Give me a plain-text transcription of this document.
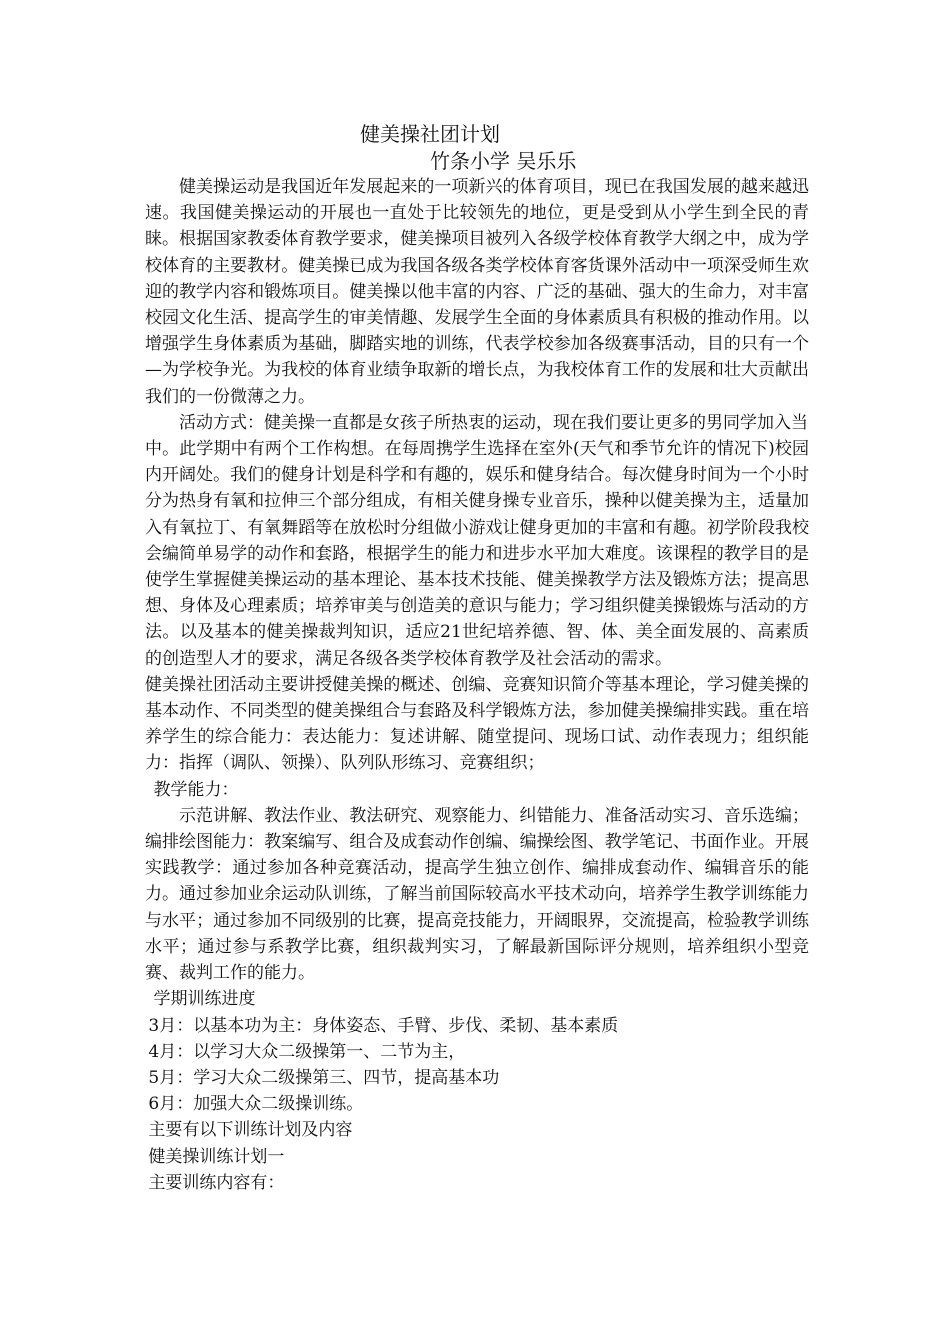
健美操社团计划
竹条小学 吴乐乐

健美操运动是我国近年发展起来的一项新兴的体育项目，现已在我国发展的越来越迅速。我国健美操运动的开展也一直处于比较领先的地位，更是受到从小学生到全民的青睐。根据国家教委体育教学要求，健美操项目被列入各级学校体育教学大纲之中，成为学校体育的主要教材。健美操已成为我国各级各类学校体育客货课外活动中一项深受师生欢迎的教学内容和锻炼项目。健美操以他丰富的内容、广泛的基础、强大的生命力，对丰富校园文化生活、提高学生的审美情趣、发展学生全面的身体素质具有积极的推动作用。以增强学生身体素质为基础，脚踏实地的训练，代表学校参加各级赛事活动，目的只有一个—为学校争光。为我校的体育业绩争取新的增长点，为我校体育工作的发展和壮大贡献出我们的一份微薄之力。

活动方式：健美操一直都是女孩子所热衷的运动，现在我们要让更多的男同学加入当

中。此学期中有两个工作构想。在每周携学生选择在室外(天气和季节允许的情况下)校园内开阔处。我们的健身计划是科学和有趣的，娱乐和健身结合。每次健身时间为一个小时分为热身有氧和拉伸三个部分组成，有相关健身操专业音乐，操种以健美操为主，适量加入有氧拉丁、有氧舞蹈等在放松时分组做小游戏让健身更加的丰富和有趣。初学阶段我校会编简单易学的动作和套路，根据学生的能力和进步水平加大难度。该课程的教学目的是使学生掌握健美操运动的基本理论、基本技术技能、健美操教学方法及锻炼方法；提高思想、身体及心理素质；培养审美与创造美的意识与能力；学习组织健美操锻炼与活动的方法。以及基本的健美操裁判知识，适应21世纪培养德、智、体、美全面发展的、高素质的创造型人才的要求，满足各级各类学校体育教学及社会活动的需求。

健美操社团活动主要讲授健美操的概述、创编、竞赛知识简介等基本理论，学习健美操的基本动作、不同类型的健美操组合与套路及科学锻炼方法，参加健美操编排实践。重在培养学生的综合能力：表达能力：复述讲解、随堂提问、现场口试、动作表现力；组织能力：指挥（调队、领操）、队列队形练习、竞赛组织；

教学能力：

示范讲解、教法作业、教法研究、观察能力、纠错能力、准备活动实习、音乐选编；编排绘图能力：教案编写、组合及成套动作创编、编操绘图、教学笔记、书面作业。开展实践教学：通过参加各种竞赛活动，提高学生独立创作、编排成套动作、编辑音乐的能力。通过参加业余运动队训练，了解当前国际较高水平技术动向，培养学生教学训练能力与水平；通过参加不同级别的比赛，提高竞技能力，开阔眼界，交流提高，检验教学训练水平；通过参与系教学比赛，组织裁判实习，了解最新国际评分规则，培养组织小型竞赛、裁判工作的能力。

学期训练进度

3月：以基本功为主：身体姿态、手臂、步伐、柔韧、基本素质

4月：以学习大众二级操第一、二节为主，

5月：学习大众二级操第三、四节，提高基本功

6月：加强大众二级操训练。

主要有以下训练计划及内容

健美操训练计划一

主要训练内容有：
